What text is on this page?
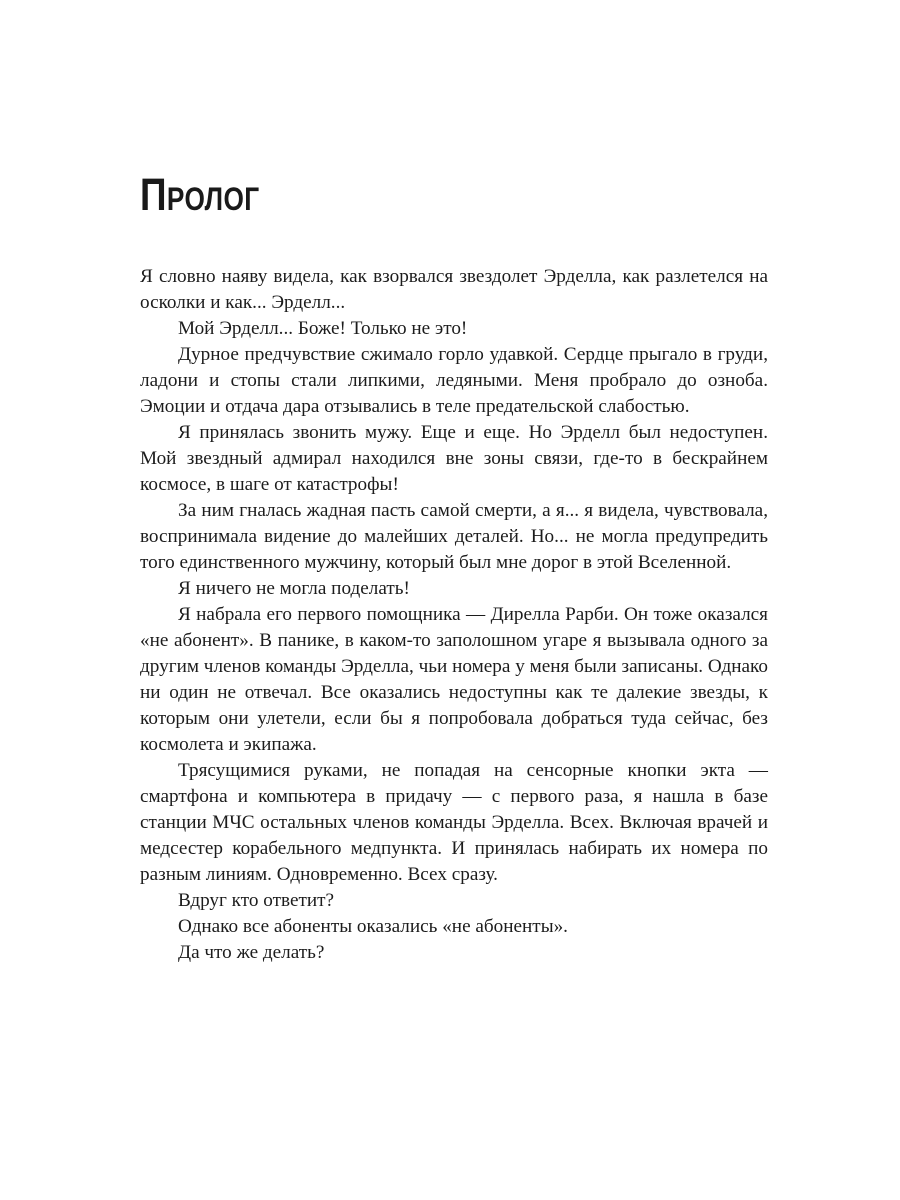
Пролог

Я словно наяву видела, как взорвался звездолет Эрделла, как разлетелся на осколки и как... Эрделл...

Мой Эрделл... Боже! Только не это!

Дурное предчувствие сжимало горло удавкой. Сердце прыгало в груди, ладони и стопы стали липкими, ледяными. Меня пробрало до озноба. Эмоции и отдача дара отзывались в теле предательской слабостью.

Я принялась звонить мужу. Еще и еще. Но Эрделл был недоступен. Мой звездный адмирал находился вне зоны связи, где-то в бескрайнем космосе, в шаге от катастрофы!

За ним гналась жадная пасть самой смерти, а я... я видела, чувствовала, воспринимала видение до малейших деталей. Но... не могла предупредить того единственного мужчину, который был мне дорог в этой Вселенной.

Я ничего не могла поделать!

Я набрала его первого помощника — Дирелла Рарби. Он тоже оказался «не абонент». В панике, в каком-то заполошном угаре я вызывала одного за другим членов команды Эрделла, чьи номера у меня были записаны. Однако ни один не отвечал. Все оказались недоступны как те далекие звезды, к которым они улетели, если бы я попробовала добраться туда сейчас, без космолета и экипажа.

Трясущимися руками, не попадая на сенсорные кнопки экта — смартфона и компьютера в придачу — с первого раза, я нашла в базе станции МЧС остальных членов команды Эрделла. Всех. Включая врачей и медсестер корабельного медпункта. И принялась набирать их номера по разным линиям. Одновременно. Всех сразу.

Вдруг кто ответит?

Однако все абоненты оказались «не абоненты».

Да что же делать?
